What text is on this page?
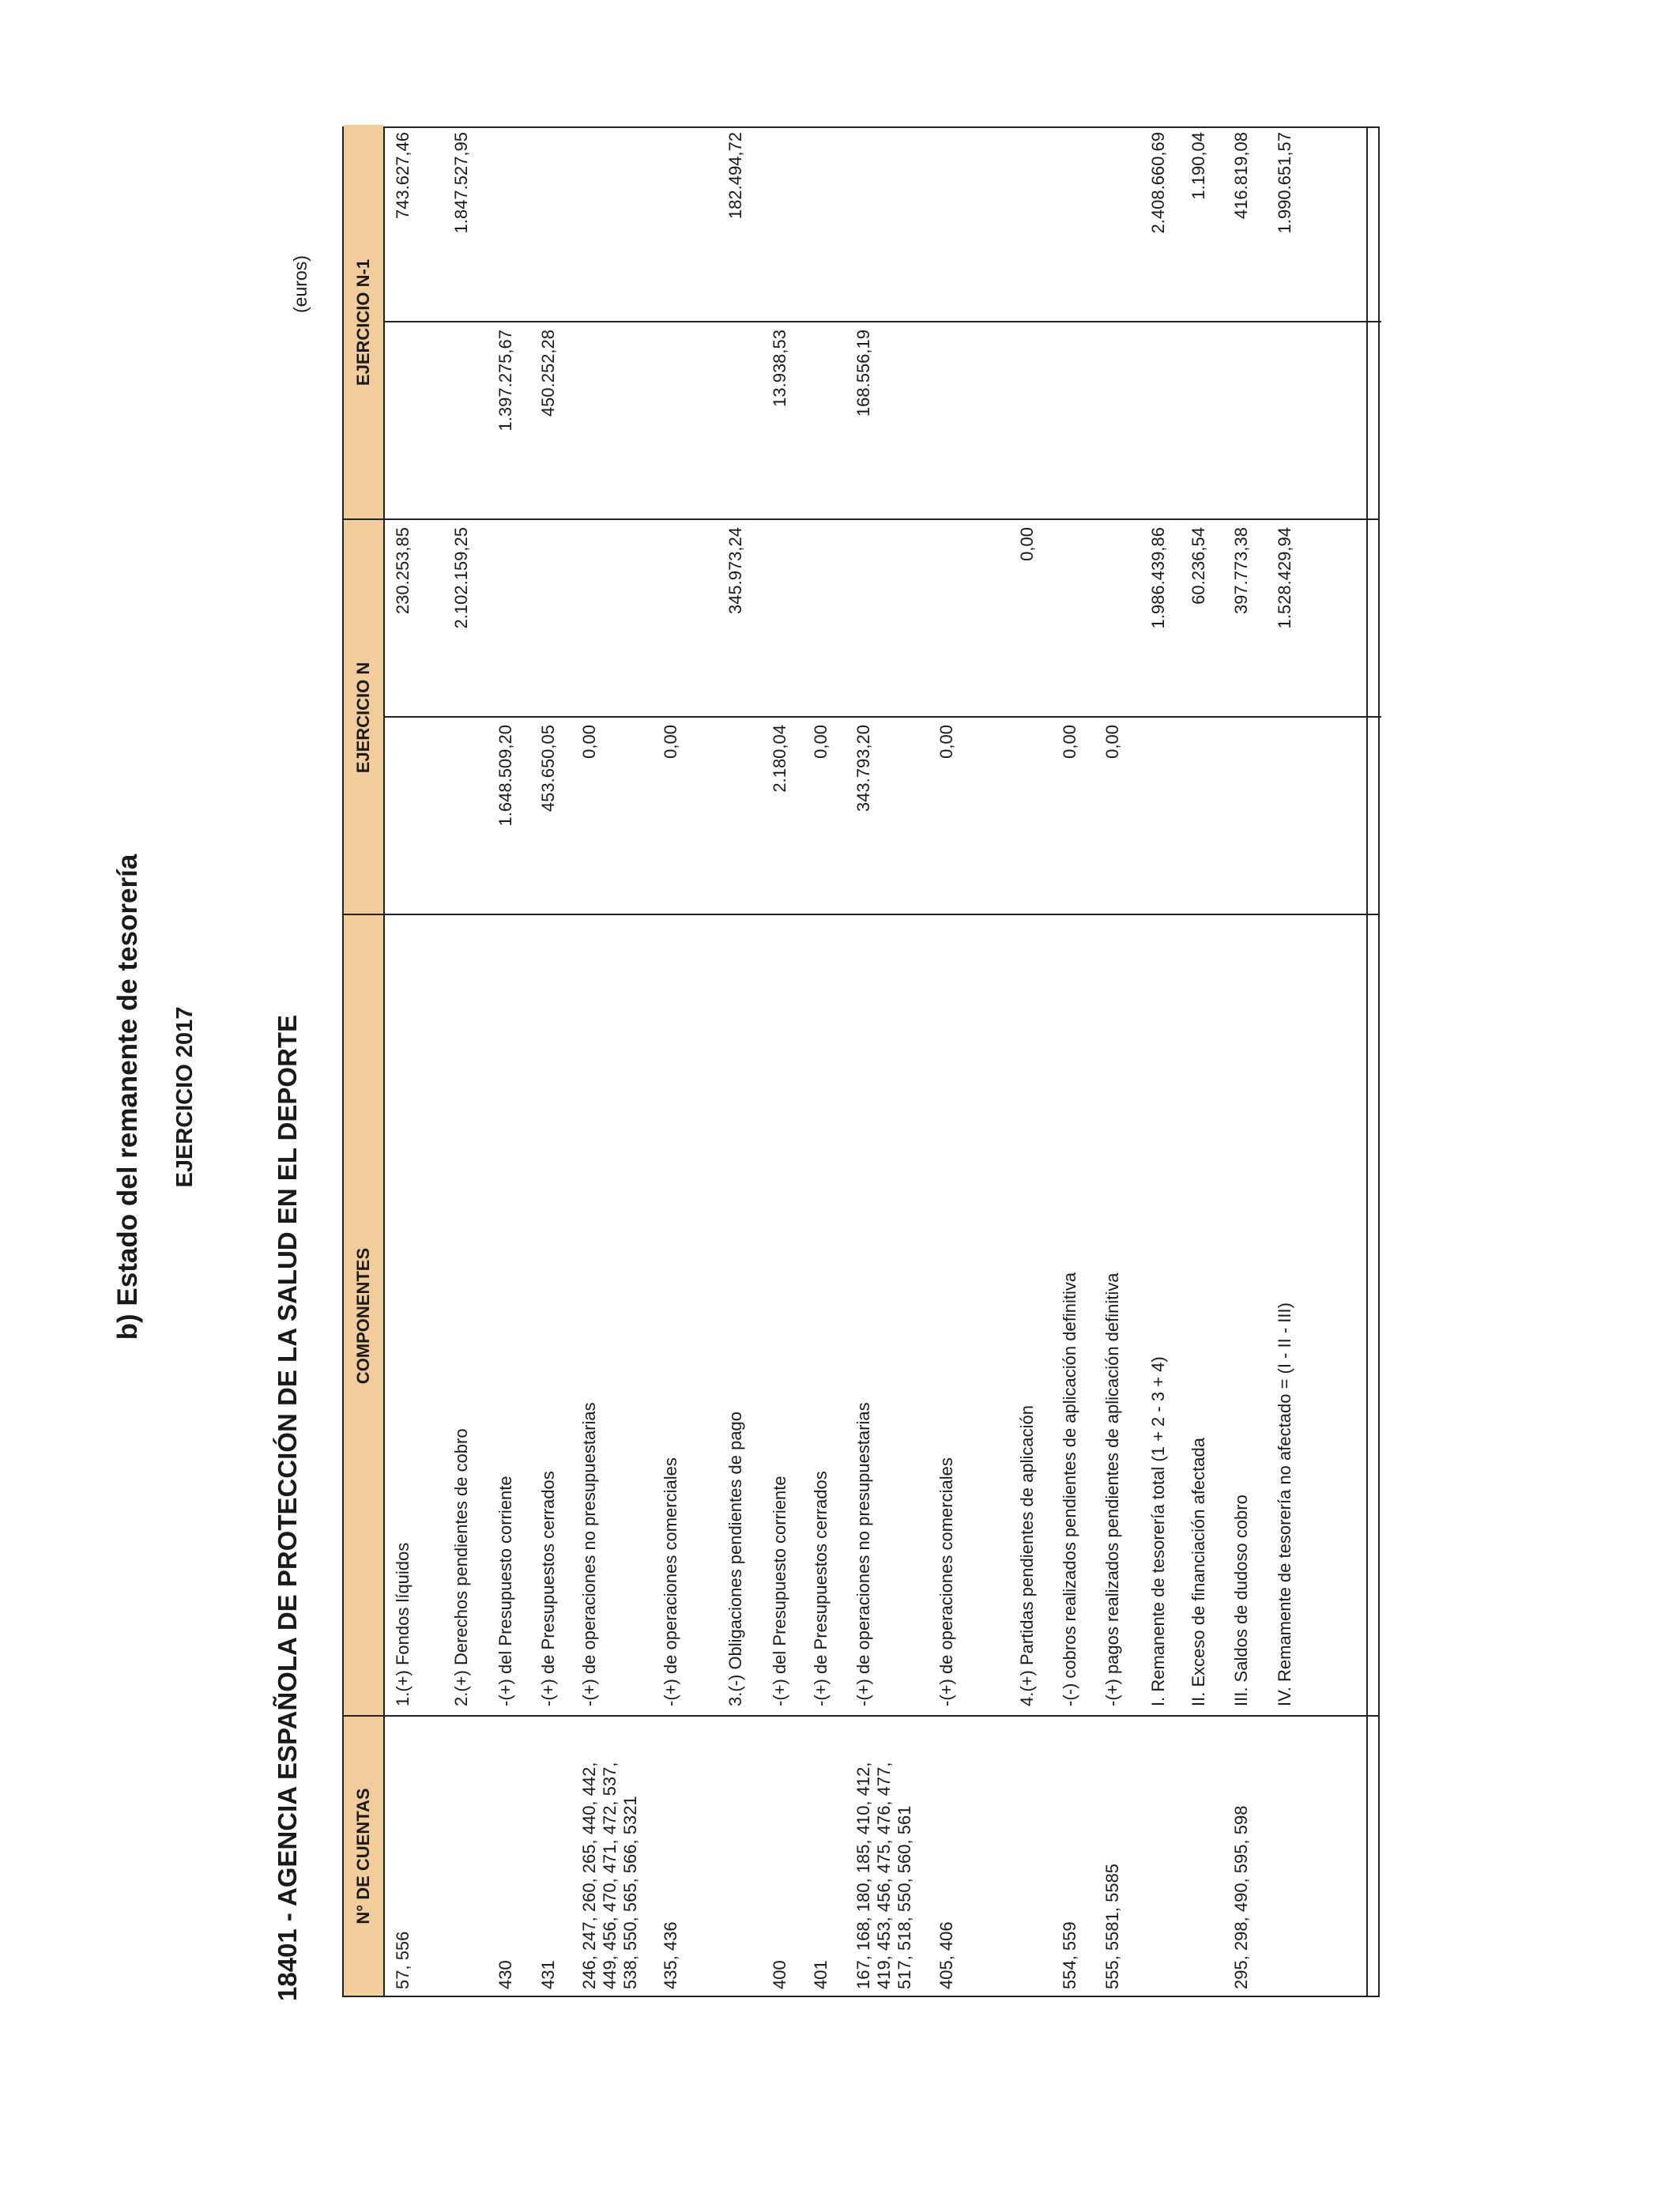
b) Estado del remanente de tesorería EJERCICIO 2017	18401 - AGENCIA ESPAÑOLA DE PROTECCIÓN DE LA SALUD EN EL DEPORTE
(euros)
N° DE CUENTAS
COMPONENTES
EJERCICIO N
EJERCICIO N-1
57, 556
1.(+) Fondos líquidos
230.253,85
743.627,46
2.(+) Derechos pendientes de cobro
2.102.159,25
1.847.527,95
430
-(+) del Presupuesto corriente
1.648.509,20
1.397.275,67
431
-(+) de Presupuestos cerrados
453.650,05
450.252,28
246, 247, 260, 265, 440, 442, 449, 456, 470, 471, 472, 537, 538, 550, 565, 566, 5321
-(+) de operaciones no presupuestarias
0,00
435, 436
-(+) de operaciones comerciales
0,00
3.(-) Obligaciones pendientes de pago
345.973,24
182.494,72
400
-(+) del Presupuesto corriente
2.180,04
13.938,53
401
-(+) de Presupuestos cerrados
0,00
167, 168, 180, 185, 410, 412, 419, 453, 456, 475, 476, 477, 517, 518, 550, 560, 561
-(+) de operaciones no presupuestarias
343.793,20
168.556,19
405, 406
-(+) de operaciones comerciales
0,00
4.(+) Partidas pendientes de aplicación
0,00
554, 559
-(-) cobros realizados pendientes de aplicación definitiva
0,00
555, 5581, 5585
-(+) pagos realizados pendientes de aplicación definitiva
0,00
I. Remanente de tesorería total (1 + 2 - 3 + 4)
1.986.439,86
2.408.660,69
II. Exceso de financiación afectada
60.236,54
1.190,04
295, 298, 490, 595, 598
III. Saldos de dudoso cobro
397.773,38
416.819,08
IV. Remamente de tesorería no afectado = (I - II - III)
1.528.429,94
1.990.651,57
